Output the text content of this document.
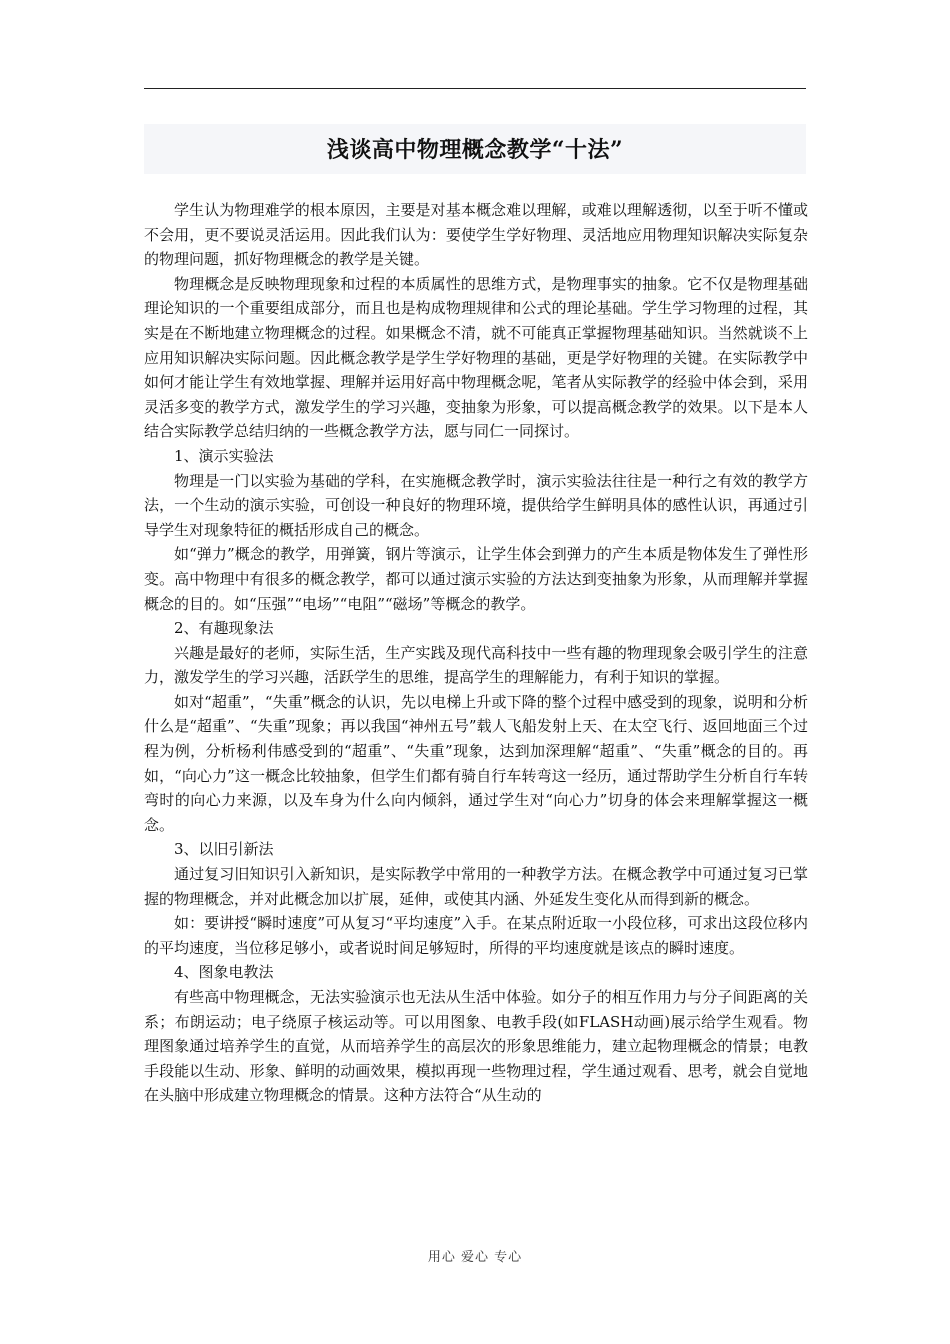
浅谈高中物理概念教学“十法”

学生认为物理难学的根本原因，主要是对基本概念难以理解，或难以理解透彻，以至于听不懂或不会用，更不要说灵活运用。因此我们认为：要使学生学好物理、灵活地应用物理知识解决实际复杂的物理问题，抓好物理概念的教学是关键。

物理概念是反映物理现象和过程的本质属性的思维方式，是物理事实的抽象。它不仅是物理基础理论知识的一个重要组成部分，而且也是构成物理规律和公式的理论基础。学生学习物理的过程，其实是在不断地建立物理概念的过程。如果概念不清，就不可能真正掌握物理基础知识。当然就谈不上应用知识解决实际问题。因此概念教学是学生学好物理的基础，更是学好物理的关键。在实际教学中如何才能让学生有效地掌握、理解并运用好高中物理概念呢，笔者从实际教学的经验中体会到，采用灵活多变的教学方式，激发学生的学习兴趣，变抽象为形象，可以提高概念教学的效果。以下是本人结合实际教学总结归纳的一些概念教学方法，愿与同仁一同探讨。

1、演示实验法

物理是一门以实验为基础的学科，在实施概念教学时，演示实验法往往是一种行之有效的教学方法，一个生动的演示实验，可创设一种良好的物理环境，提供给学生鲜明具体的感性认识，再通过引导学生对现象特征的概括形成自己的概念。

如“弹力”概念的教学，用弹簧，钢片等演示，让学生体会到弹力的产生本质是物体发生了弹性形变。高中物理中有很多的概念教学，都可以通过演示实验的方法达到变抽象为形象，从而理解并掌握概念的目的。如“压强”“电场”“电阻”“磁场”等概念的教学。

2、有趣现象法

兴趣是最好的老师，实际生活，生产实践及现代高科技中一些有趣的物理现象会吸引学生的注意力，激发学生的学习兴趣，活跃学生的思维，提高学生的理解能力，有利于知识的掌握。

如对“超重”，“失重”概念的认识，先以电梯上升或下降的整个过程中感受到的现象，说明和分析什么是“超重”、“失重”现象；再以我国“神州五号”载人飞船发射上天、在太空飞行、返回地面三个过程为例，分析杨利伟感受到的“超重”、“失重”现象，达到加深理解“超重”、“失重”概念的目的。再如，“向心力”这一概念比较抽象，但学生们都有骑自行车转弯这一经历，通过帮助学生分析自行车转弯时的向心力来源，以及车身为什么向内倾斜，通过学生对“向心力”切身的体会来理解掌握这一概念。

3、以旧引新法

通过复习旧知识引入新知识，是实际教学中常用的一种教学方法。在概念教学中可通过复习已掌握的物理概念，并对此概念加以扩展，延伸，或使其内涵、外延发生变化从而得到新的概念。

如：要讲授“瞬时速度”可从复习“平均速度”入手。在某点附近取一小段位移，可求出这段位移内的平均速度，当位移足够小，或者说时间足够短时，所得的平均速度就是该点的瞬时速度。

4、图象电教法

有些高中物理概念，无法实验演示也无法从生活中体验。如分子的相互作用力与分子间距离的关系；布朗运动；电子绕原子核运动等。可以用图象、电教手段(如FLASH动画)展示给学生观看。物理图象通过培养学生的直觉，从而培养学生的高层次的形象思维能力，建立起物理概念的情景；电教手段能以生动、形象、鲜明的动画效果，模拟再现一些物理过程，学生通过观看、思考，就会自觉地在头脑中形成建立物理概念的情景。这种方法符合“从生动的

用心 爱心 专心
